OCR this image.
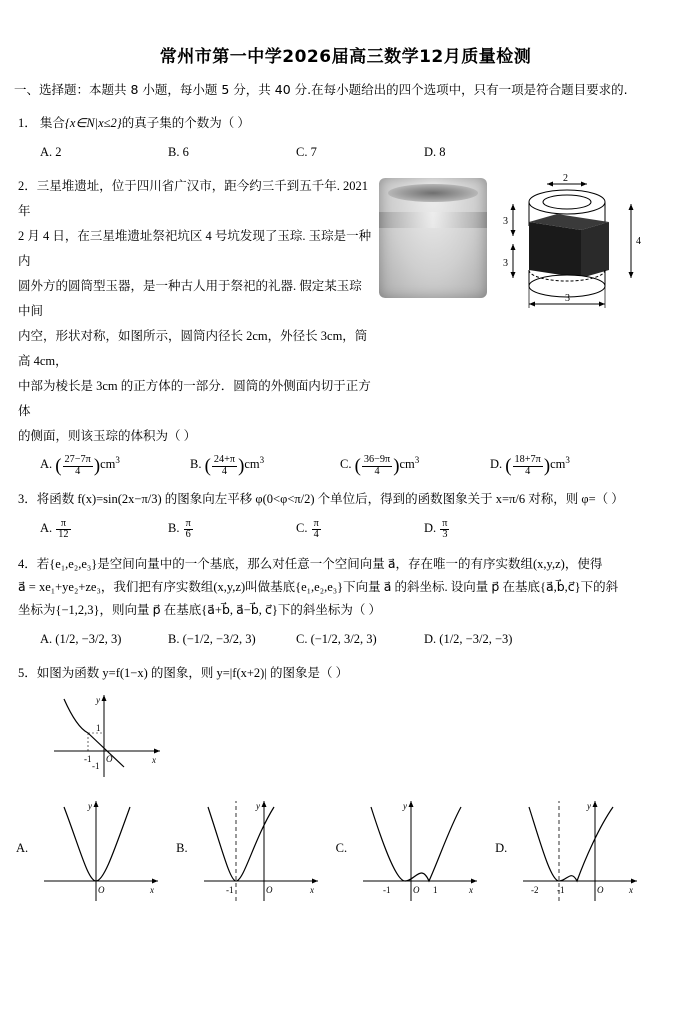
常州市第一中学2026届高三数学12月质量检测
一、选择题：本题共 8 小题，每小题 5 分，共 40 分.在每小题给出的四个选项中，只有一项是符合题目要求的.
1． 集合{x∈N|x≤2}的真子集的个数为（ ）
A. 2	B. 6	C. 7	D. 8
2．三星堆遗址，位于四川省广汉市，距今约三千到五千年. 2021 年
2 月 4 日，在三星堆遗址祭祀坑区 4 号坑发现了玉琮. 玉琮是一种内
圆外方的圆筒型玉器，是一种古人用于祭祀的礼器. 假定某玉琮中间
内空，形状对称，如图所示，圆筒内径长 2cm，外径长 3cm，筒高 4cm，
中部为棱长是 3cm 的正方体的一部分．圆筒的外侧面内切于正方体
的侧面，则该玉琮的体积为（ ）
2
3
3
4
3
A. ( $\frac{27-7\pi}{4} )cm^3$	B. ( $\frac{24+\pi}{4} )cm^3$	C. ( $\frac{36-9\pi}{4} )cm^3$	D. ( $\frac{18+7\pi}{4} )cm^3$
3．将函数 f(x)=sin(2x−π/3) 的图象向左平移 φ(0<φ<π/2) 个单位后，得到的函数图象关于 x=π/6 对称，则 φ=（ ）
A. $\frac{\pi}{12}$	B. $\frac{\pi}{6}$	C. $\frac{\pi}{4}$	D. $\frac{\pi}{3}$
4．若{e₁,e₂,e₃}是空间向量中的一个基底，那么对任意一个空间向量 a⃗，存在唯一的有序实数组(x,y,z)，使得
a⃗ = xe₁+ye₂+ze₃，我们把有序实数组(x,y,z)叫做基底{e₁,e₂,e₃}下向量 a⃗ 的斜坐标. 设向量 p⃗ 在基底{a⃗,b⃗,c⃗}下的斜
坐标为{−1,2,3}，则向量 p⃗ 在基底{a⃗+b⃗, a⃗−b⃗, c⃗}下的斜坐标为（ ）
A. (1/2, −3/2, 3)	B. (−1/2, −3/2, 3)	C. (−1/2, 3/2, 3)	D. (1/2, −3/2, −3)
5．如图为函数 y=f(1−x) 的图象，则 y=|f(x+2)| 的图象是（ ）
1
-1
-1
O	x
y
A.
O	x
y
B.
-1	O	x
y
C.
-1	O 1	x
y
D.
-2 -1	O	x
y
